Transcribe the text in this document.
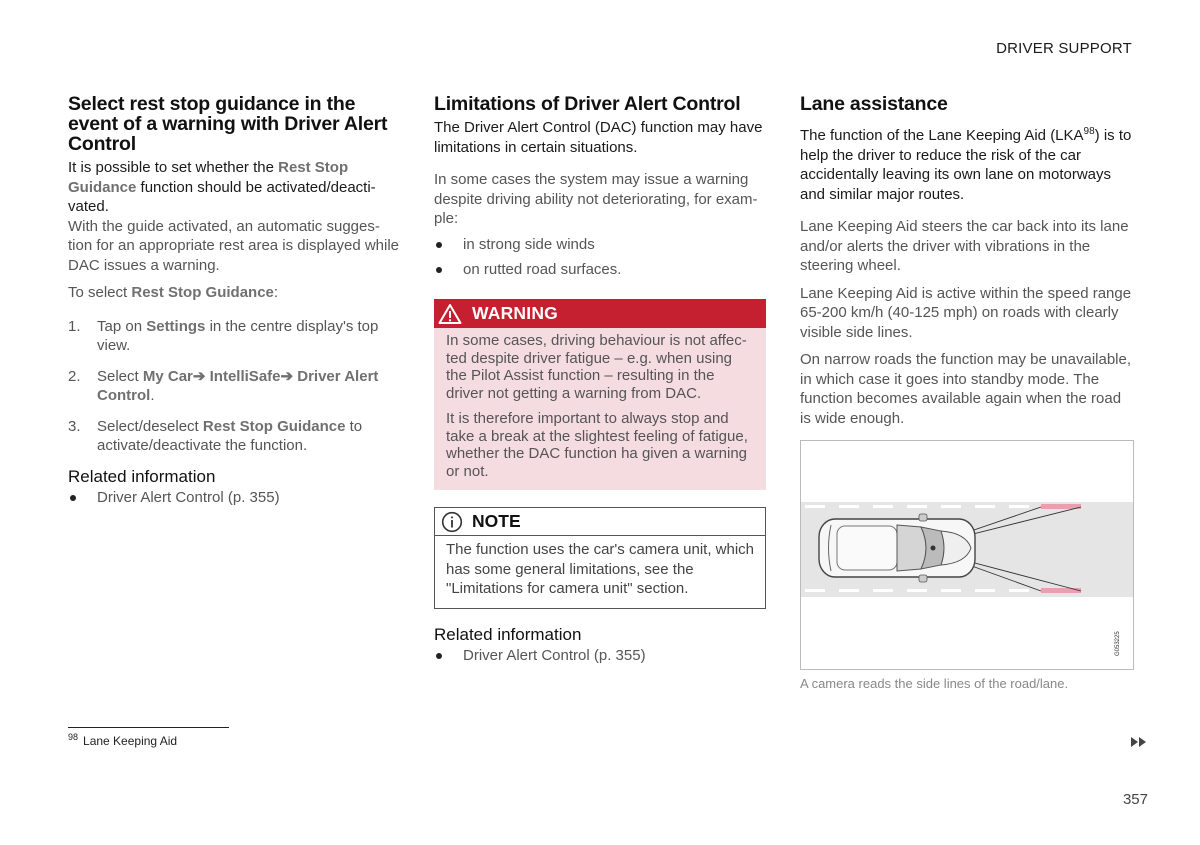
DRIVER SUPPORT
Select rest stop guidance in the event of a warning with Driver Alert Control

It is possible to set whether the Rest Stop Guidance function should be activated/deacti-vated.

With the guide activated, an automatic sugges-tion for an appropriate rest area is displayed while DAC issues a warning.

To select Rest Stop Guidance:

1. Tap on Settings in the centre display's top view.
2. Select My Car➔ IntelliSafe➔ Driver Alert Control.
3. Select/deselect Rest Stop Guidance to activate/deactivate the function.
Related information
Driver Alert Control (p. 355)
Limitations of Driver Alert Control

The Driver Alert Control (DAC) function may have limitations in certain situations.

In some cases the system may issue a warning despite driving ability not deteriorating, for exam-ple:

in strong side winds
on rutted road surfaces.
WARNING

In some cases, driving behaviour is not affec-ted despite driver fatigue – e.g. when using the Pilot Assist function – resulting in the driver not getting a warning from DAC.

It is therefore important to always stop and take a break at the slightest feeling of fatigue, whether the DAC function ha given a warning or not.

NOTE

The function uses the car's camera unit, which has some general limitations, see the "Limitations for camera unit" section.

Related information
Driver Alert Control (p. 355)
Lane assistance

The function of the Lane Keeping Aid (LKA$^{98}$) is to help the driver to reduce the risk of the car accidentally leaving its own lane on motorways and similar major routes.

Lane Keeping Aid steers the car back into its lane and/or alerts the driver with vibrations in the steering wheel.

Lane Keeping Aid is active within the speed range 65-200 km/h (40-125 mph) on roads with clearly visible side lines.

On narrow roads the function may be unavailable, in which case it goes into standby mode. The function becomes available again when the road is wide enough.

G053225
A camera reads the side lines of the road/lane.
$^{98}$ Lane Keeping Aid
357
